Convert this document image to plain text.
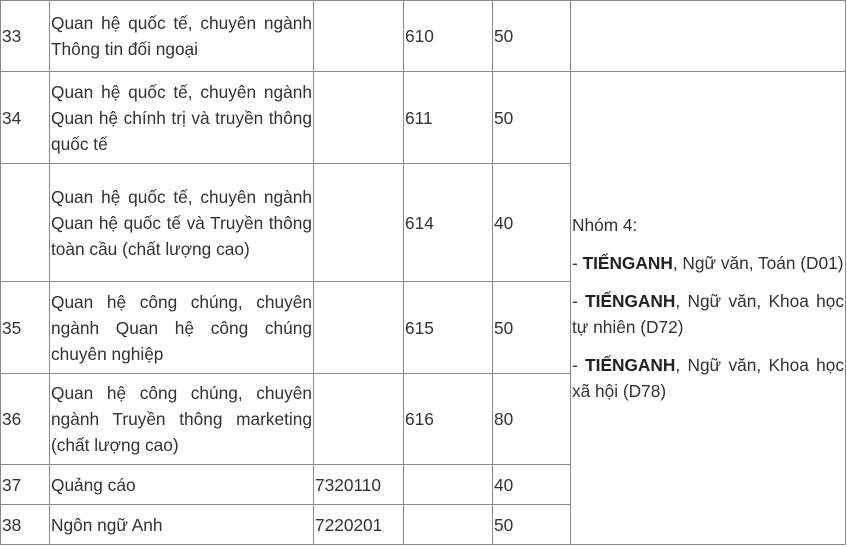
33	Quan hệ quốc tế, chuyên ngành Thông tin đối ngoại		610	50		
34	Quan hệ quốc tế, chuyên ngành Quan hệ chính trị và truyền thông quốc tế		611	50	Nhóm 4:

- TIẾNGANH, Ngữ văn, Toán (D01)

- TIẾNGANH, Ngữ văn, Khoa học tự nhiên (D72)

- TIẾNGANH, Ngữ văn, Khoa học xã hội (D78)	

	Quan hệ quốc tế, chuyên ngành Quan hệ quốc tế và Truyền thông toàn cầu (chất lượng cao)		614	40		
35	Quan hệ công chúng, chuyên ngành Quan hệ công chúng chuyên nghiệp		615	50		
36	Quan hệ công chúng, chuyên ngành Truyền thông marketing (chất lượng cao)		616	80		
37	Quảng cáo	7320110		40		
38	Ngôn ngữ Anh	7220201		50		
